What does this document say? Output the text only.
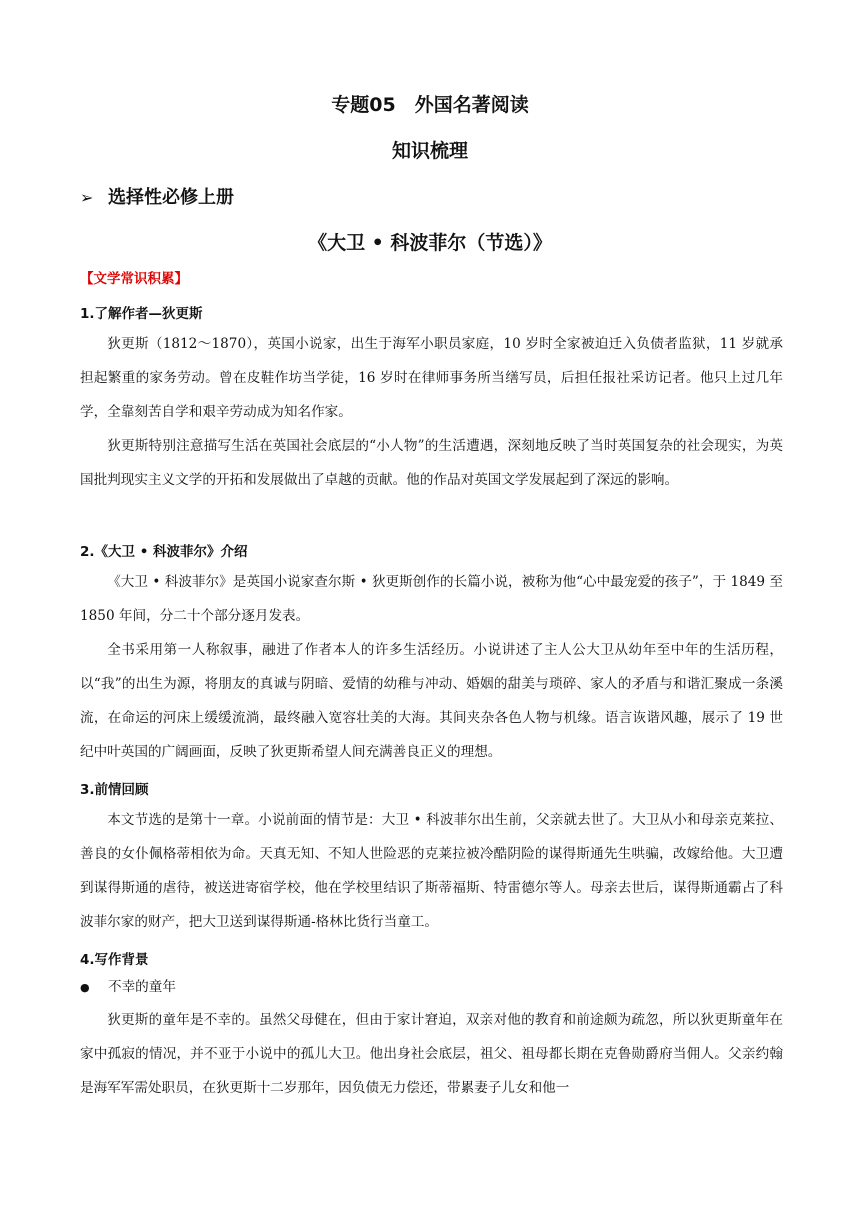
专题05　外国名著阅读
知识梳理
➢ 选择性必修上册
《大卫 • 科波菲尔（节选）》
【文学常识积累】
1.了解作者—狄更斯

狄更斯（1812～1870），英国小说家，出生于海军小职员家庭，10 岁时全家被迫迁入负债者监狱，11 岁就承担起繁重的家务劳动。曾在皮鞋作坊当学徒，16 岁时在律师事务所当缮写员，后担任报社采访记者。他只上过几年学，全靠刻苦自学和艰辛劳动成为知名作家。

狄更斯特别注意描写生活在英国社会底层的“小人物”的生活遭遇，深刻地反映了当时英国复杂的社会现实，为英国批判现实主义文学的开拓和发展做出了卓越的贡献。他的作品对英国文学发展起到了深远的影响。

2.《大卫 • 科波菲尔》介绍

《大卫 • 科波菲尔》是英国小说家查尔斯 • 狄更斯创作的长篇小说，被称为他“心中最宠爱的孩子”，于 1849 至 1850 年间，分二十个部分逐月发表。

全书采用第一人称叙事，融进了作者本人的许多生活经历。小说讲述了主人公大卫从幼年至中年的生活历程，以“我”的出生为源，将朋友的真诚与阴暗、爱情的幼稚与冲动、婚姻的甜美与琐碎、家人的矛盾与和谐汇聚成一条溪流，在命运的河床上缓缓流淌，最终融入宽容壮美的大海。其间夹杂各色人物与机缘。语言诙谐风趣，展示了 19 世纪中叶英国的广阔画面，反映了狄更斯希望人间充满善良正义的理想。

3.前情回顾

本文节选的是第十一章。小说前面的情节是：大卫 • 科波菲尔出生前，父亲就去世了。大卫从小和母亲克莱拉、善良的女仆佩格蒂相依为命。天真无知、不知人世险恶的克莱拉被冷酷阴险的谋得斯通先生哄骗，改嫁给他。大卫遭到谋得斯通的虐待，被送进寄宿学校，他在学校里结识了斯蒂福斯、特雷德尔等人。母亲去世后，谋得斯通霸占了科波菲尔家的财产，把大卫送到谋得斯通-格林比货行当童工。

4.写作背景
● 不幸的童年

狄更斯的童年是不幸的。虽然父母健在，但由于家计窘迫，双亲对他的教育和前途颇为疏忽，所以狄更斯童年在家中孤寂的情况，并不亚于小说中的孤儿大卫。他出身社会底层，祖父、祖母都长期在克鲁勋爵府当佣人。父亲约翰是海军军需处职员，在狄更斯十二岁那年，因负债无力偿还，带累妻子儿女和他一
